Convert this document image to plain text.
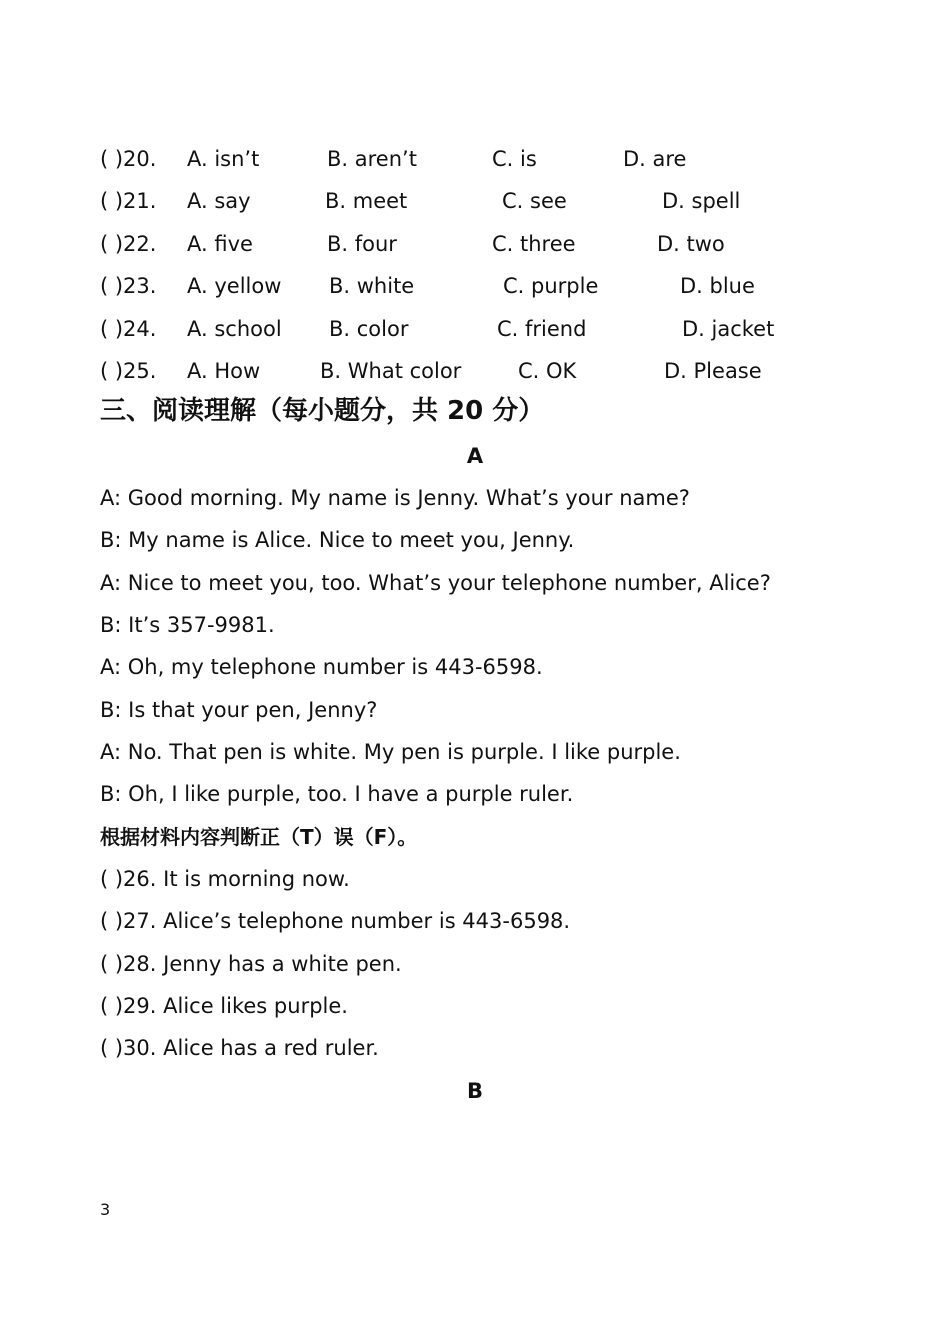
( )20. A. isn’t	B. aren’t	C. is	D. are
( )21. A. say	B. meet	C. see	D. spell
( )22. A. five	B. four	C. three	D. two
( )23. A. yellow B. white	C. purple	D. blue
( )24. A. school B. color	C. friend	D. jacket
( )25. A. How	B. What color	C. OK	D. Please
三、阅读理解（每小题分，共 20 分）
A
A: Good morning. My name is Jenny. What’s your name?
B: My name is Alice. Nice to meet you, Jenny.
A: Nice to meet you, too. What’s your telephone number, Alice?
B: It’s 357-9981.
A: Oh, my telephone number is 443-6598.
B: Is that your pen, Jenny?
A: No. That pen is white. My pen is purple. I like purple.
B: Oh, I like purple, too. I have a purple ruler.
根据材料内容判断正（T）误（F）。
( )26. It is morning now.
( )27. Alice’s telephone number is 443-6598.
( )28. Jenny has a white pen.
( )29. Alice likes purple.
( )30. Alice has a red ruler.
B
3
